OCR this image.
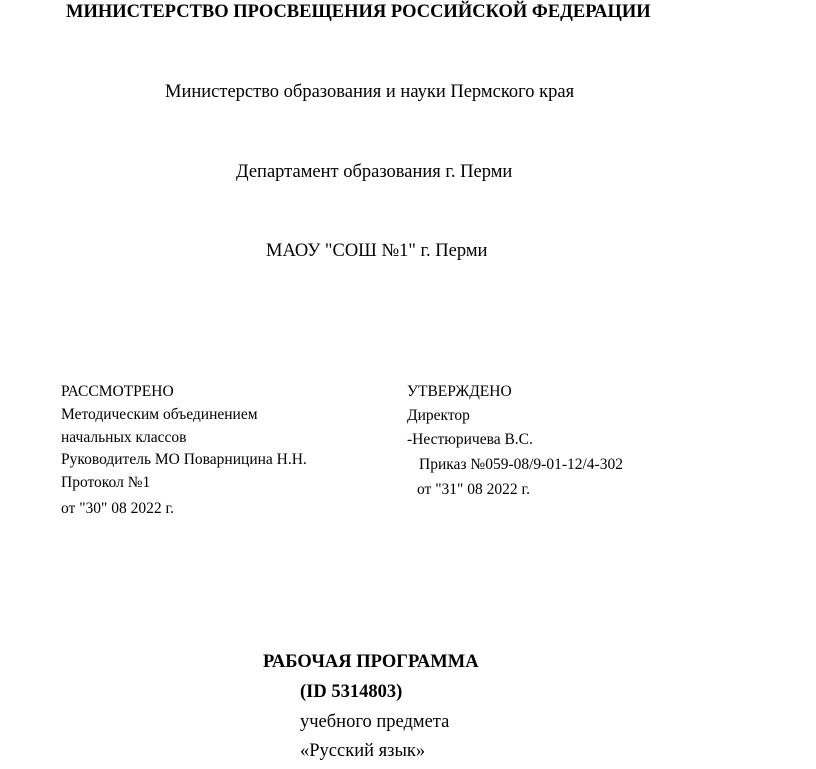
МИНИСТЕРСТВО ПРОСВЕЩЕНИЯ РОССИЙСКОЙ ФЕДЕРАЦИИ
Министерство образования и науки Пермского края
Департамент образования г. Перми
МАОУ "СОШ №1" г. Перми
РАССМОТРЕНО
Методическим объединением
начальных классов
Руководитель МО Поварницина Н.Н.
Протокол №1
от "30" 08 2022 г.
УТВЕРЖДЕНО
Директор
-Нестюричева В.С.
Приказ №059-08/9-01-12/4-302
от "31" 08 2022 г.
РАБОЧАЯ ПРОГРАММА
(ID 5314803)
учебного предмета
«Русский язык»
